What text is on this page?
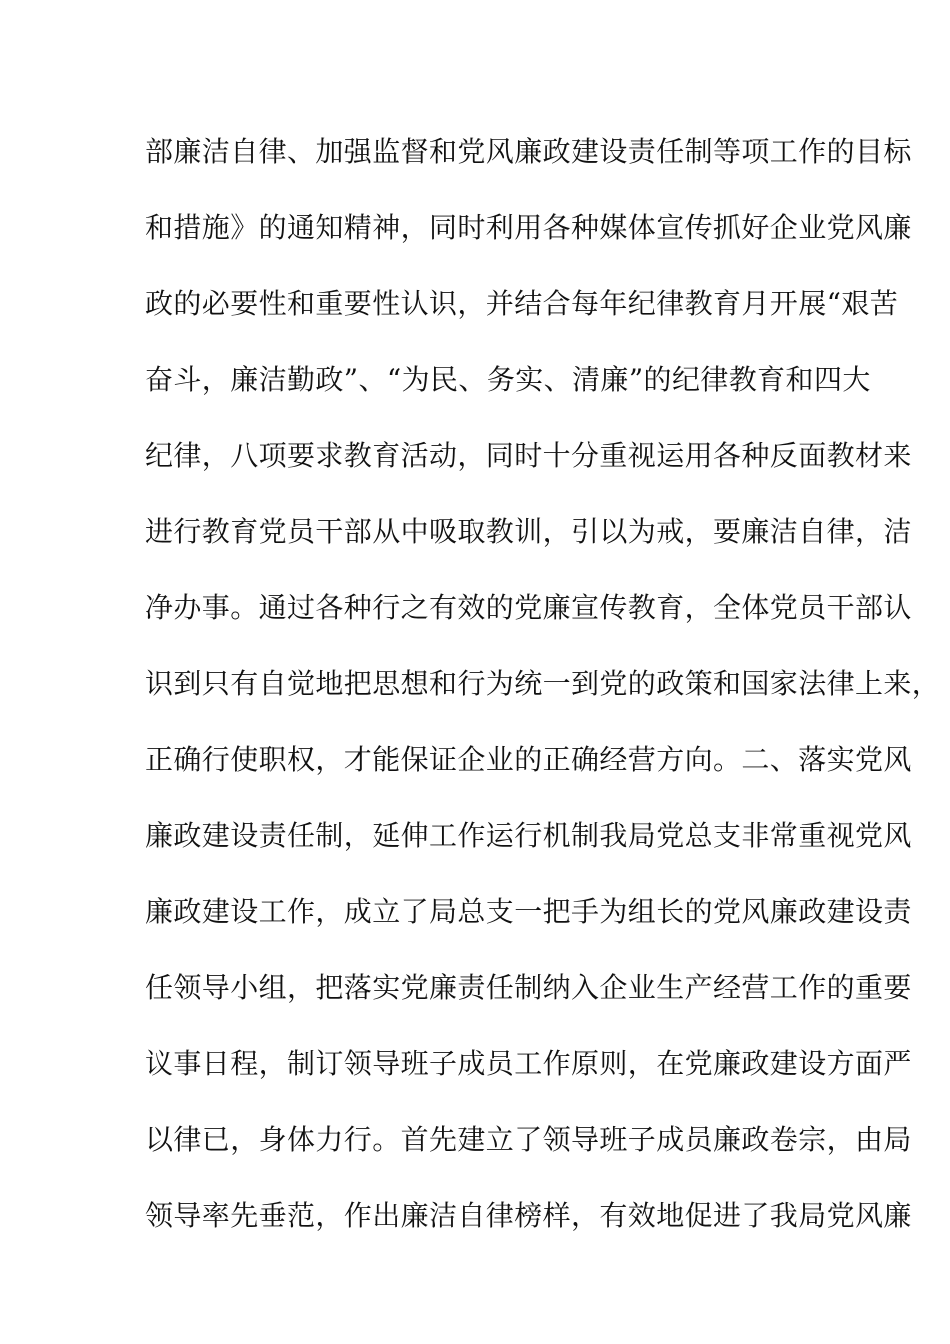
部廉洁自律、加强监督和党风廉政建设责任制等项工作的目标
和措施》的通知精神，同时利用各种媒体宣传抓好企业党风廉
政的必要性和重要性认识，并结合每年纪律教育月开展“艰苦
奋斗，廉洁勤政”、“为民、务实、清廉”的纪律教育和四大
纪律，八项要求教育活动，同时十分重视运用各种反面教材来
进行教育党员干部从中吸取教训，引以为戒，要廉洁自律，洁
净办事。通过各种行之有效的党廉宣传教育，全体党员干部认
识到只有自觉地把思想和行为统一到党的政策和国家法律上来，
正确行使职权，才能保证企业的正确经营方向。二、落实党风
廉政建设责任制，延伸工作运行机制我局党总支非常重视党风
廉政建设工作，成立了局总支一把手为组长的党风廉政建设责
任领导小组，把落实党廉责任制纳入企业生产经营工作的重要
议事日程，制订领导班子成员工作原则，在党廉政建设方面严
以律已，身体力行。首先建立了领导班子成员廉政卷宗，由局
领导率先垂范，作出廉洁自律榜样，有效地促进了我局党风廉
